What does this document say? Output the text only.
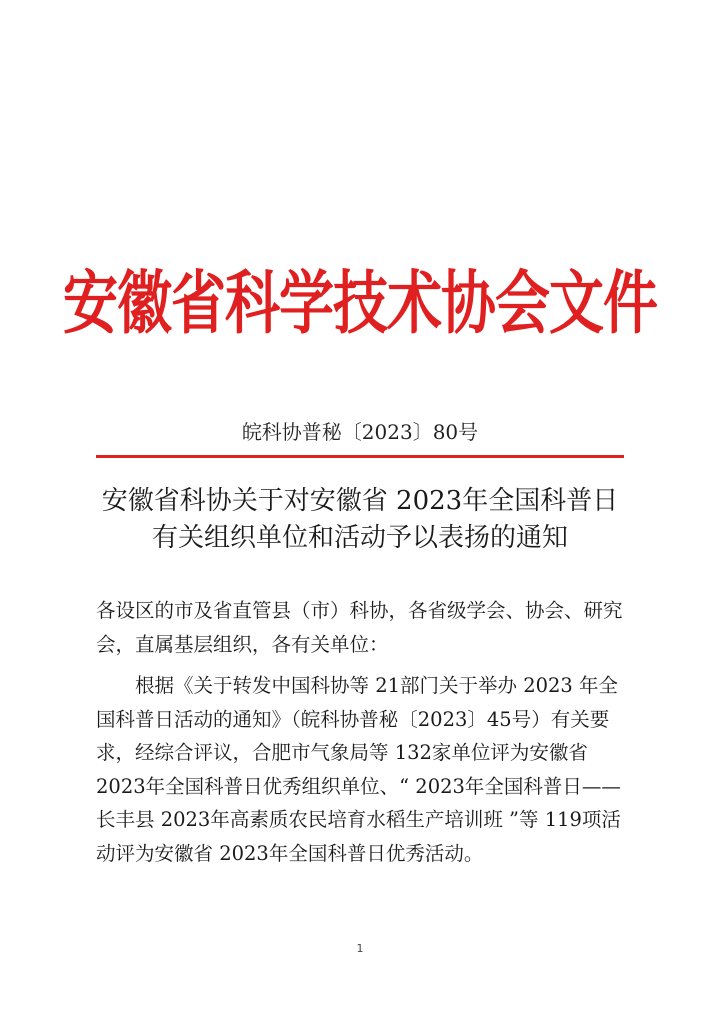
安徽省科学技术协会文件
皖科协普秘〔2023〕80号
安徽省科协关于对安徽省 2023年全国科普日
有关组织单位和活动予以表扬的通知

各设区的市及省直管县（市）科协，各省级学会、协会、研究会，直属基层组织，各有关单位：

根据《关于转发中国科协等 21部门关于举办 2023 年全国科普日活动的通知》（皖科协普秘〔2023〕45号）有关要求，经综合评议，合肥市气象局等 132家单位评为安徽省 2023年全国科普日优秀组织单位、“ 2023年全国科普日——长丰县 2023年高素质农民培育水稻生产培训班 ”等 119项活动评为安徽省 2023年全国科普日优秀活动。

1
